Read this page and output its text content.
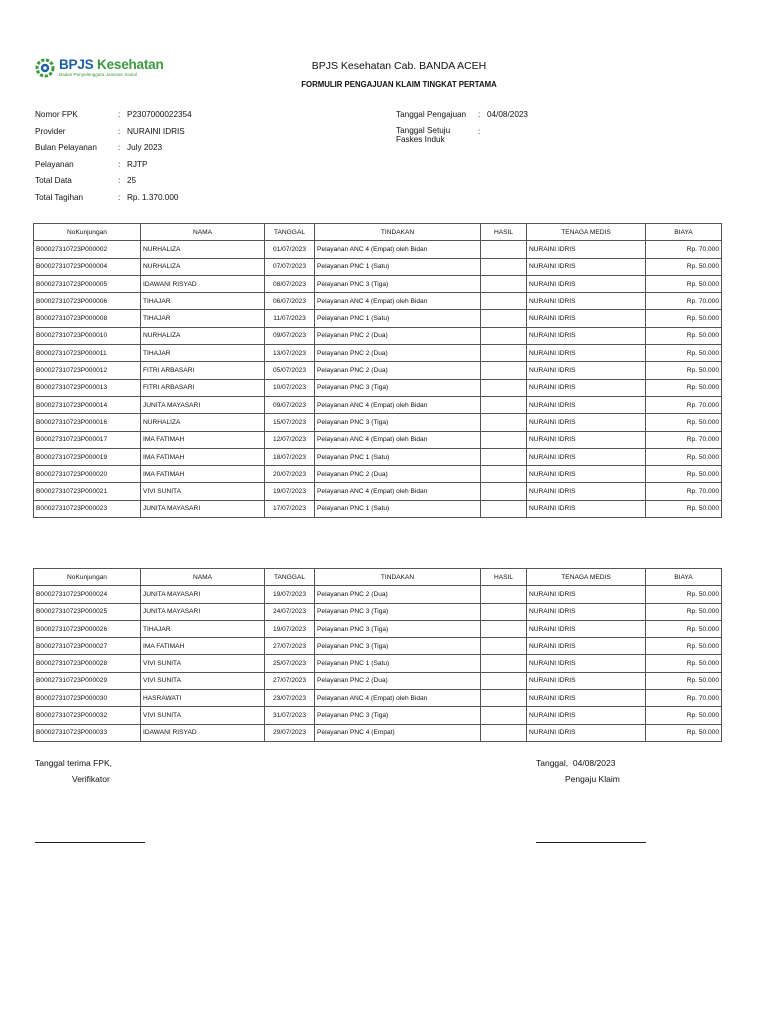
BPJS Kesehatan
Badan Penyelenggara Jaminan Sosial
BPJS Kesehatan Cab. BANDA ACEH
FORMULIR PENGAJUAN KLAIM TINGKAT PERTAMA
Nomor FPK	: P2307000022354
Provider	: NURAINI IDRIS
Bulan Pelayanan	: July 2023
Pelayanan	: RJTP
Total Data	: 25
Total Tagihan	: Rp. 1.370.000
Tanggal Pengajuan	: 04/08/2023
Tanggal Setuju Faskes Induk
:
NoKunjungan	NAMA	TANGGAL	TINDAKAN	HASIL	TENAGA MEDIS	BIAYA
B00027310723P000002	NURHALIZA	01/07/2023	Pelayanan ANC 4 (Empat) oleh Bidan		NURAINI IDRIS	Rp. 70.000
B00027310723P000004	NURHALIZA	07/07/2023	Pelayanan PNC 1 (Satu)		NURAINI IDRIS	Rp. 50.000
B00027310723P000005	IDAWANI RISYAD	08/07/2023	Pelayanan PNC 3 (Tiga)		NURAINI IDRIS	Rp. 50.000
B00027310723P000006	TIHAJAR	06/07/2023	Pelayanan ANC 4 (Empat) oleh Bidan		NURAINI IDRIS	Rp. 70.000
B00027310723P000008	TIHAJAR	11/07/2023	Pelayanan PNC 1 (Satu)		NURAINI IDRIS	Rp. 50.000
B00027310723P000010	NURHALIZA	09/07/2023	Pelayanan PNC 2 (Dua)		NURAINI IDRIS	Rp. 50.000
B00027310723P000011	TIHAJAR	13/07/2023	Pelayanan PNC 2 (Dua)		NURAINI IDRIS	Rp. 50.000
B00027310723P000012	FITRI ARBASARI	05/07/2023	Pelayanan PNC 2 (Dua)		NURAINI IDRIS	Rp. 50.000
B00027310723P000013	FITRI ARBASARI	10/07/2023	Pelayanan PNC 3 (Tiga)		NURAINI IDRIS	Rp. 50.000
B00027310723P000014	JUNITA MAYASARI	09/07/2023	Pelayanan ANC 4 (Empat) oleh Bidan		NURAINI IDRIS	Rp. 70.000
B00027310723P000016	NURHALIZA	15/07/2023	Pelayanan PNC 3 (Tiga)		NURAINI IDRIS	Rp. 50.000
B00027310723P000017	IMA FATIMAH	12/07/2023	Pelayanan ANC 4 (Empat) oleh Bidan		NURAINI IDRIS	Rp. 70.000
B00027310723P000019	IMA FATIMAH	18/07/2023	Pelayanan PNC 1 (Satu)		NURAINI IDRIS	Rp. 50.000
B00027310723P000020	IMA FATIMAH	20/07/2023	Pelayanan PNC 2 (Dua)		NURAINI IDRIS	Rp. 50.000
B00027310723P000021	VIVI SUNITA	19/07/2023	Pelayanan ANC 4 (Empat) oleh Bidan		NURAINI IDRIS	Rp. 70.000
B00027310723P000023	JUNITA MAYASARI	17/07/2023	Pelayanan PNC 1 (Satu)		NURAINI IDRIS	Rp. 50.000
NoKunjungan	NAMA	TANGGAL	TINDAKAN	HASIL	TENAGA MEDIS	BIAYA
B00027310723P000024	JUNITA MAYASARI	19/07/2023	Pelayanan PNC 2 (Dua)		NURAINI IDRIS	Rp. 50.000
B00027310723P000025	JUNITA MAYASARI	24/07/2023	Pelayanan PNC 3 (Tiga)		NURAINI IDRIS	Rp. 50.000
B00027310723P000026	TIHAJAR	19/07/2023	Pelayanan PNC 3 (Tiga)		NURAINI IDRIS	Rp. 50.000
B00027310723P000027	IMA FATIMAH	27/07/2023	Pelayanan PNC 3 (Tiga)		NURAINI IDRIS	Rp. 50.000
B00027310723P000028	VIVI SUNITA	25/07/2023	Pelayanan PNC 1 (Satu)		NURAINI IDRIS	Rp. 50.000
B00027310723P000029	VIVI SUNITA	27/07/2023	Pelayanan PNC 2 (Dua)		NURAINI IDRIS	Rp. 50.000
B00027310723P000030	HASRAWATI	23/07/2023	Pelayanan ANC 4 (Empat) oleh Bidan		NURAINI IDRIS	Rp. 70.000
B00027310723P000032	VIVI SUNITA	31/07/2023	Pelayanan PNC 3 (Tiga)		NURAINI IDRIS	Rp. 50.000
B00027310723P000033	IDAWANI RISYAD	29/07/2023	Pelayanan PNC 4 (Empat)		NURAINI IDRIS	Rp. 50.000
Tanggal terima FPK,
Verifikator
Tanggal, 04/08/2023
Pengaju Klaim
